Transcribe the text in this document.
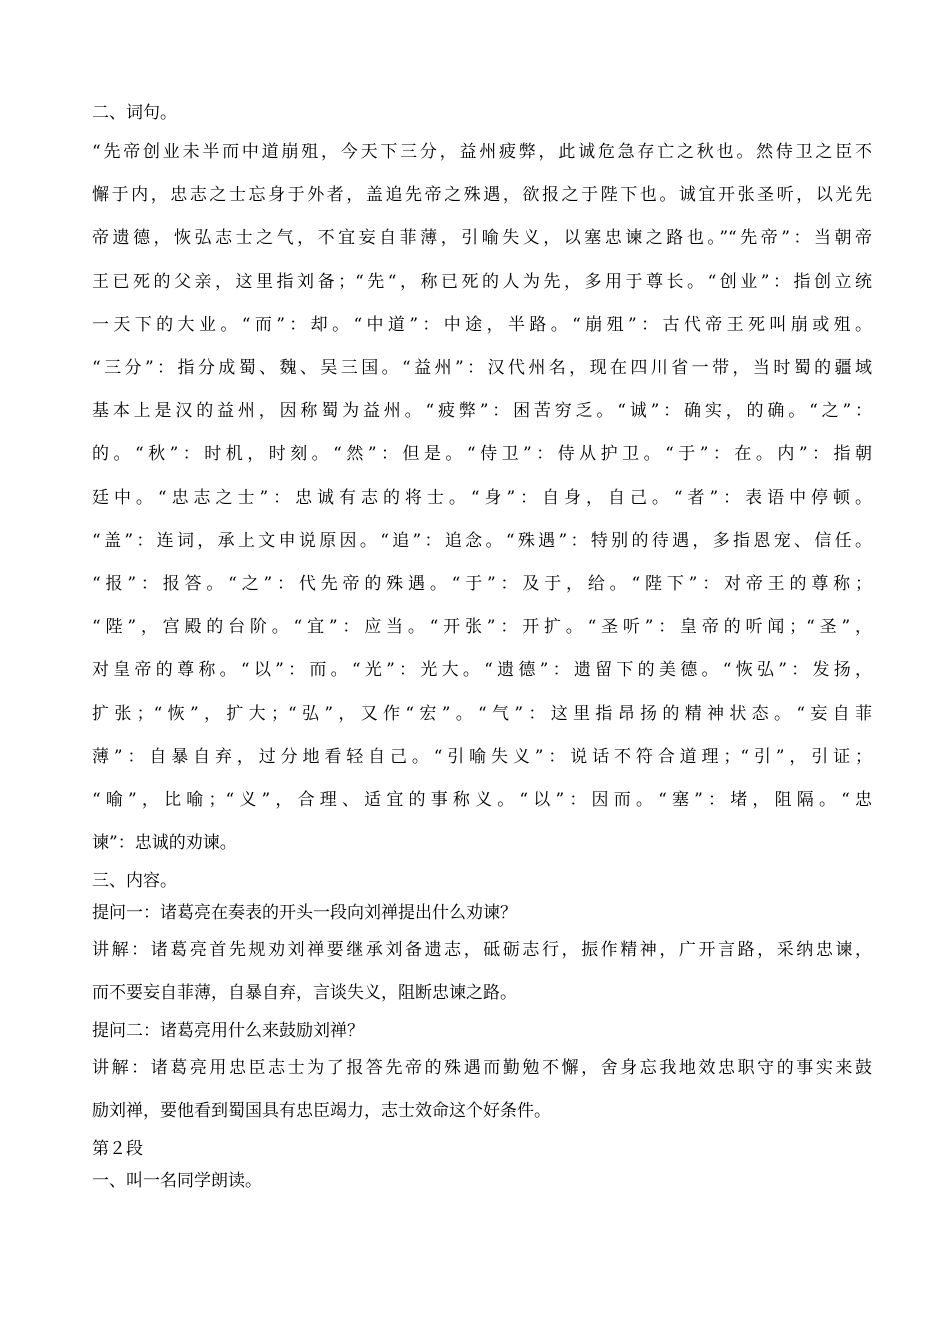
二、词句。
“先帝创业未半而中道崩殂，今天下三分，益州疲弊，此诚危急存亡之秋也。然侍卫之臣不
懈于内，忠志之士忘身于外者，盖追先帝之殊遇，欲报之于陛下也。诚宜开张圣听，以光先
帝遗德，恢弘志士之气，不宜妄自菲薄，引喻失义，以塞忠谏之路也。”“先帝”：当朝帝
王已死的父亲，这里指刘备；“先“，称已死的人为先，多用于尊长。“创业”：指创立统
一天下的大业。“而”：却。“中道”：中途，半路。“崩殂”：古代帝王死叫崩或殂。
“三分”：指分成蜀、魏、吴三国。“益州”：汉代州名，现在四川省一带，当时蜀的疆域
基本上是汉的益州，因称蜀为益州。“疲弊”：困苦穷乏。“诚”：确实，的确。“之”：
的。“秋”：时机，时刻。“然”：但是。“侍卫”：侍从护卫。“于”：在。内”：指朝
廷中。“忠志之士”：忠诚有志的将士。“身”：自身，自己。“者”：表语中停顿。
“盖”：连词，承上文申说原因。“追”：追念。“殊遇”：特别的待遇，多指恩宠、信任。
“报”：报答。“之”：代先帝的殊遇。“于”：及于，给。“陛下”：对帝王的尊称；
“陛”，宫殿的台阶。“宜”：应当。“开张”：开扩。“圣听”：皇帝的听闻；“圣”，
对皇帝的尊称。“以”：而。“光”：光大。“遗德”：遗留下的美德。“恢弘”：发扬，
扩张；“恢”，扩大；“弘”，又作“宏”。“气”：这里指昂扬的精神状态。“妄自菲
薄”：自暴自弃，过分地看轻自己。“引喻失义”：说话不符合道理；“引”，引证；
“喻”，比喻；“义”，合理、适宜的事称义。“以”：因而。“塞”：堵，阻隔。“忠
谏”：忠诚的劝谏。
三、内容。
提问一：诸葛亮在奏表的开头一段向刘禅提出什么劝谏？
讲解：诸葛亮首先规劝刘禅要继承刘备遗志，砥砺志行，振作精神，广开言路，采纳忠谏，
而不要妄自菲薄，自暴自弃，言谈失义，阻断忠谏之路。
提问二：诸葛亮用什么来鼓励刘禅？
讲解：诸葛亮用忠臣志士为了报答先帝的殊遇而勤勉不懈，舍身忘我地效忠职守的事实来鼓
励刘禅，要他看到蜀国具有忠臣竭力，志士效命这个好条件。
第２段
一、叫一名同学朗读。
